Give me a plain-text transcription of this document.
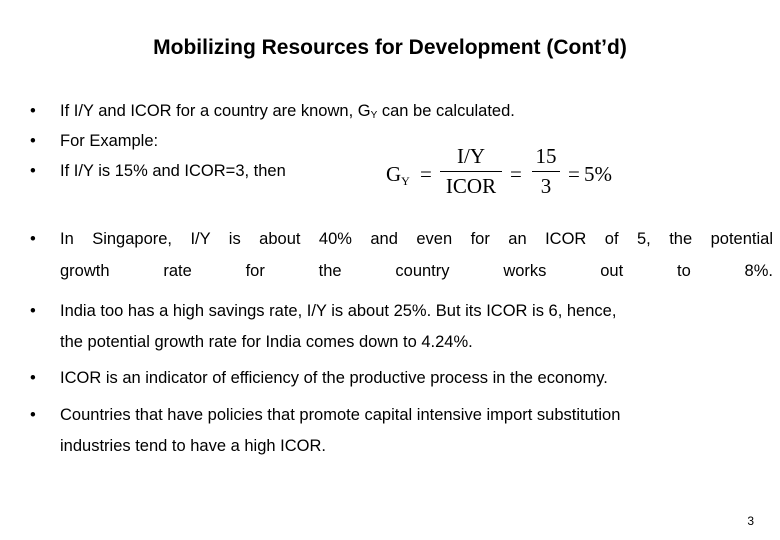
Mobilizing Resources for Development (Cont’d)
• If I/Y and ICOR for a country are known, $G_Y$ can be calculated.
• For Example:
• If I/Y is 15% and ICOR=3, then	$G_Y$ =
I/Y
ICOR =
15
3 = 5%
• In Singapore, I/Y is about 40% and even for an ICOR of 5, the potential
growth rate for the country works out to 8%.
• India too has a high savings rate, I/Y is about 25%. But its ICOR is 6, hence,
the potential growth rate for India comes down to 4.24%.
• ICOR is an indicator of efficiency of the productive process in the economy.
• Countries that have policies that promote capital intensive import substitution
industries tend to have a high ICOR.
3
